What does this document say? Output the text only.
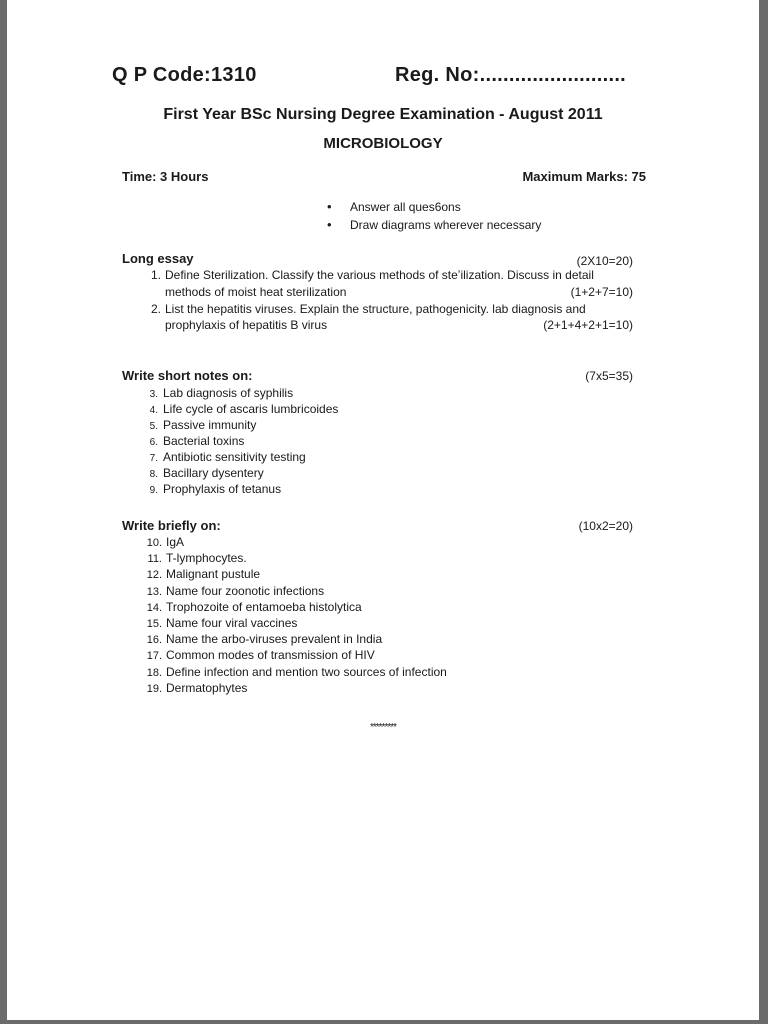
Q P Code:1310	Reg. No:.........................
First Year BSc Nursing Degree Examination - August 2011
MICROBIOLOGY
Time: 3 Hours	Maximum Marks: 75
• Answer all ques6ons
• Draw diagrams wherever necessary
Long essay	(2X10=20)
1. Define Sterilization. Classify the various methods of steʼilization. Discuss in detail
methods of moist heat sterilization	(1+2+7=10)
2. List the hepatitis viruses. Explain the structure, pathogenicity. lab diagnosis and
prophylaxis of hepatitis B virus	(2+1+4+2+1=10)
Write short notes on:	(7x5=35)
3. Lab diagnosis of syphilis
4. Life cycle of ascaris lumbricoides
5. Passive immunity
6. Bacterial toxins
7. Antibiotic sensitivity testing
8. Bacillary dysentery
9. Prophylaxis of tetanus
Write briefly on:	(10x2=20)
10. IgA
11. T-lymphocytes.
12. Malignant pustule
13. Name four zoonotic infections
14. Trophozoite of entamoeba histolytica
15. Name four viral vaccines
16. Name the arbo-viruses prevalent in India
17. Common modes of transmission of HIV
18. Define infection and mention two sources of infection
19. Dermatophytes
*********
